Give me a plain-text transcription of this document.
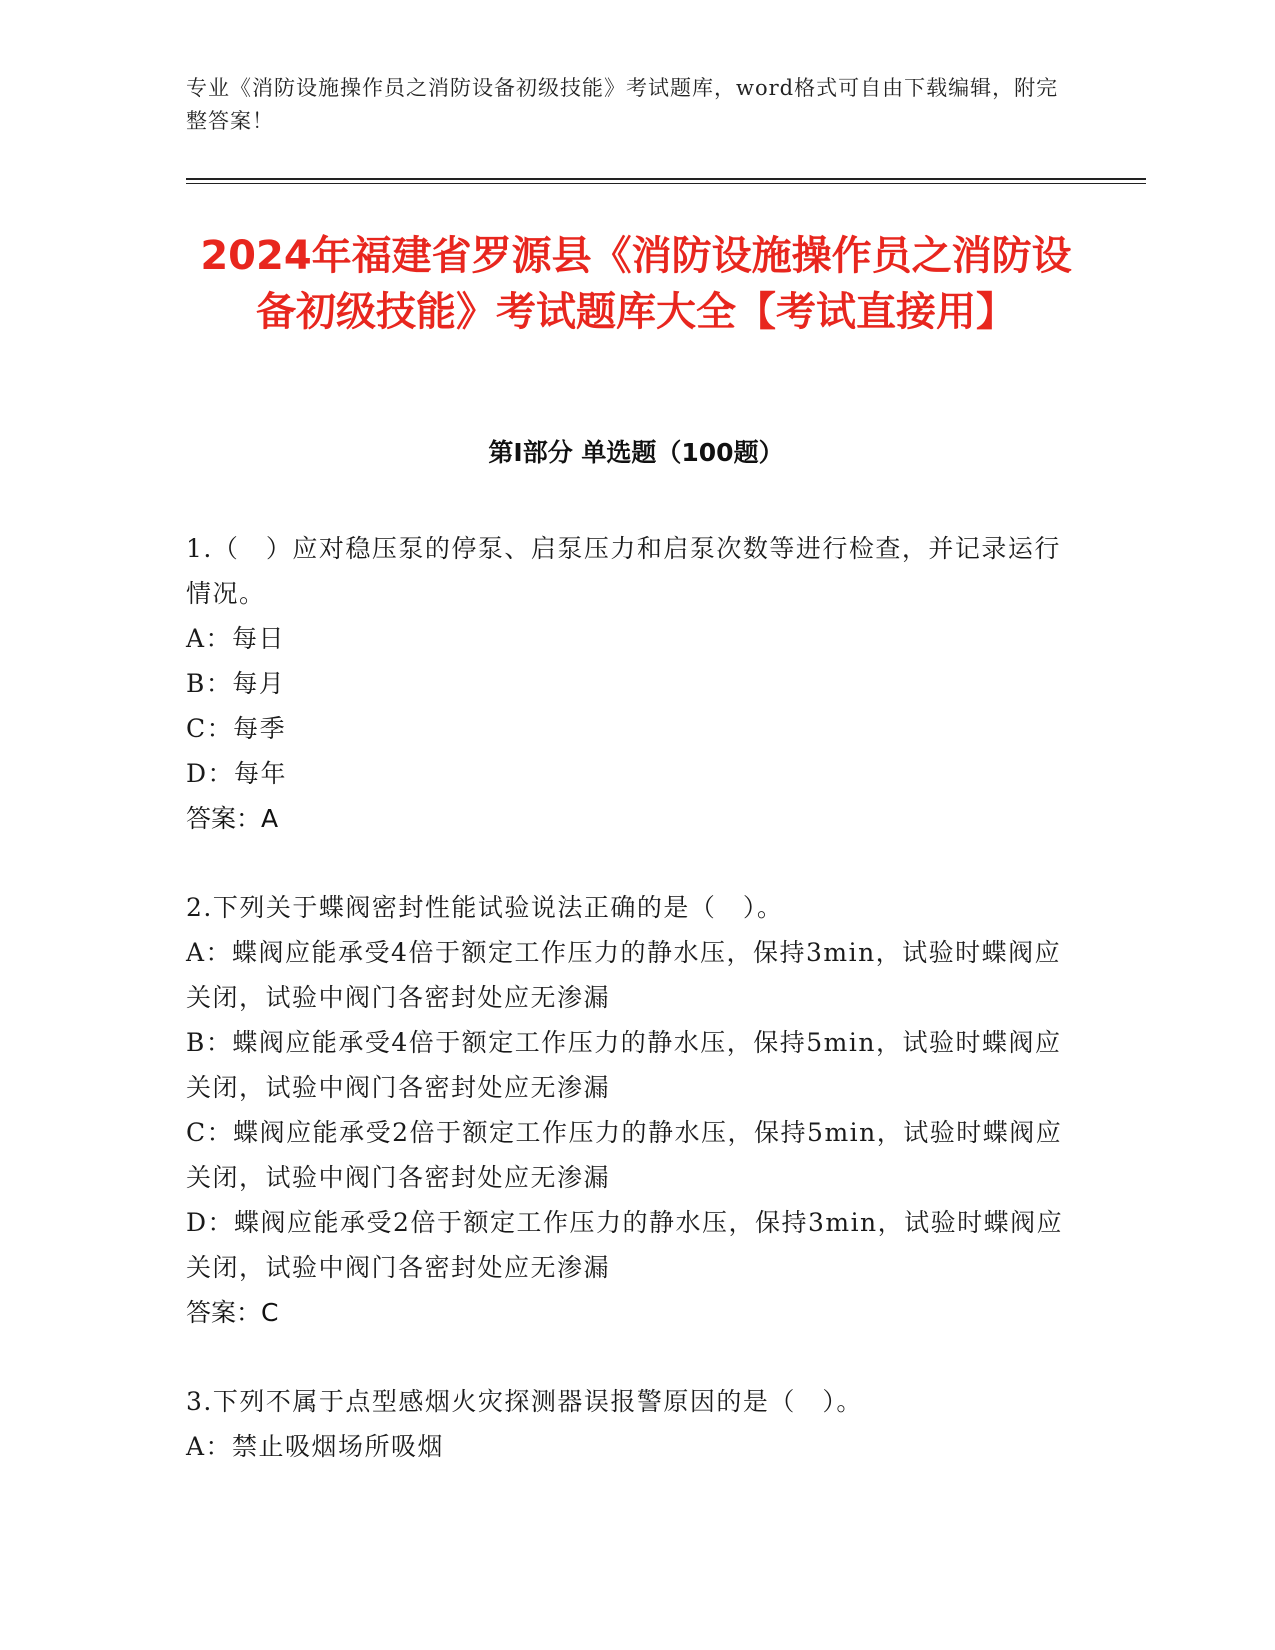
专业《消防设施操作员之消防设备初级技能》考试题库，word格式可自由下载编辑，附完整答案！
2024年福建省罗源县《消防设施操作员之消防设备初级技能》考试题库大全【考试直接用】
第I部分 单选题（100题）

1.（　）应对稳压泵的停泵、启泵压力和启泵次数等进行检查，并记录运行情况。

A：每日

B：每月

C：每季

D：每年

答案：A

2.下列关于蝶阀密封性能试验说法正确的是（　）。

A：蝶阀应能承受4倍于额定工作压力的静水压，保持3min，试验时蝶阀应关闭，试验中阀门各密封处应无渗漏

B：蝶阀应能承受4倍于额定工作压力的静水压，保持5min，试验时蝶阀应关闭，试验中阀门各密封处应无渗漏

C：蝶阀应能承受2倍于额定工作压力的静水压，保持5min，试验时蝶阀应关闭，试验中阀门各密封处应无渗漏

D：蝶阀应能承受2倍于额定工作压力的静水压，保持3min，试验时蝶阀应关闭，试验中阀门各密封处应无渗漏

答案：C

3.下列不属于点型感烟火灾探测器误报警原因的是（　）。

A：禁止吸烟场所吸烟
